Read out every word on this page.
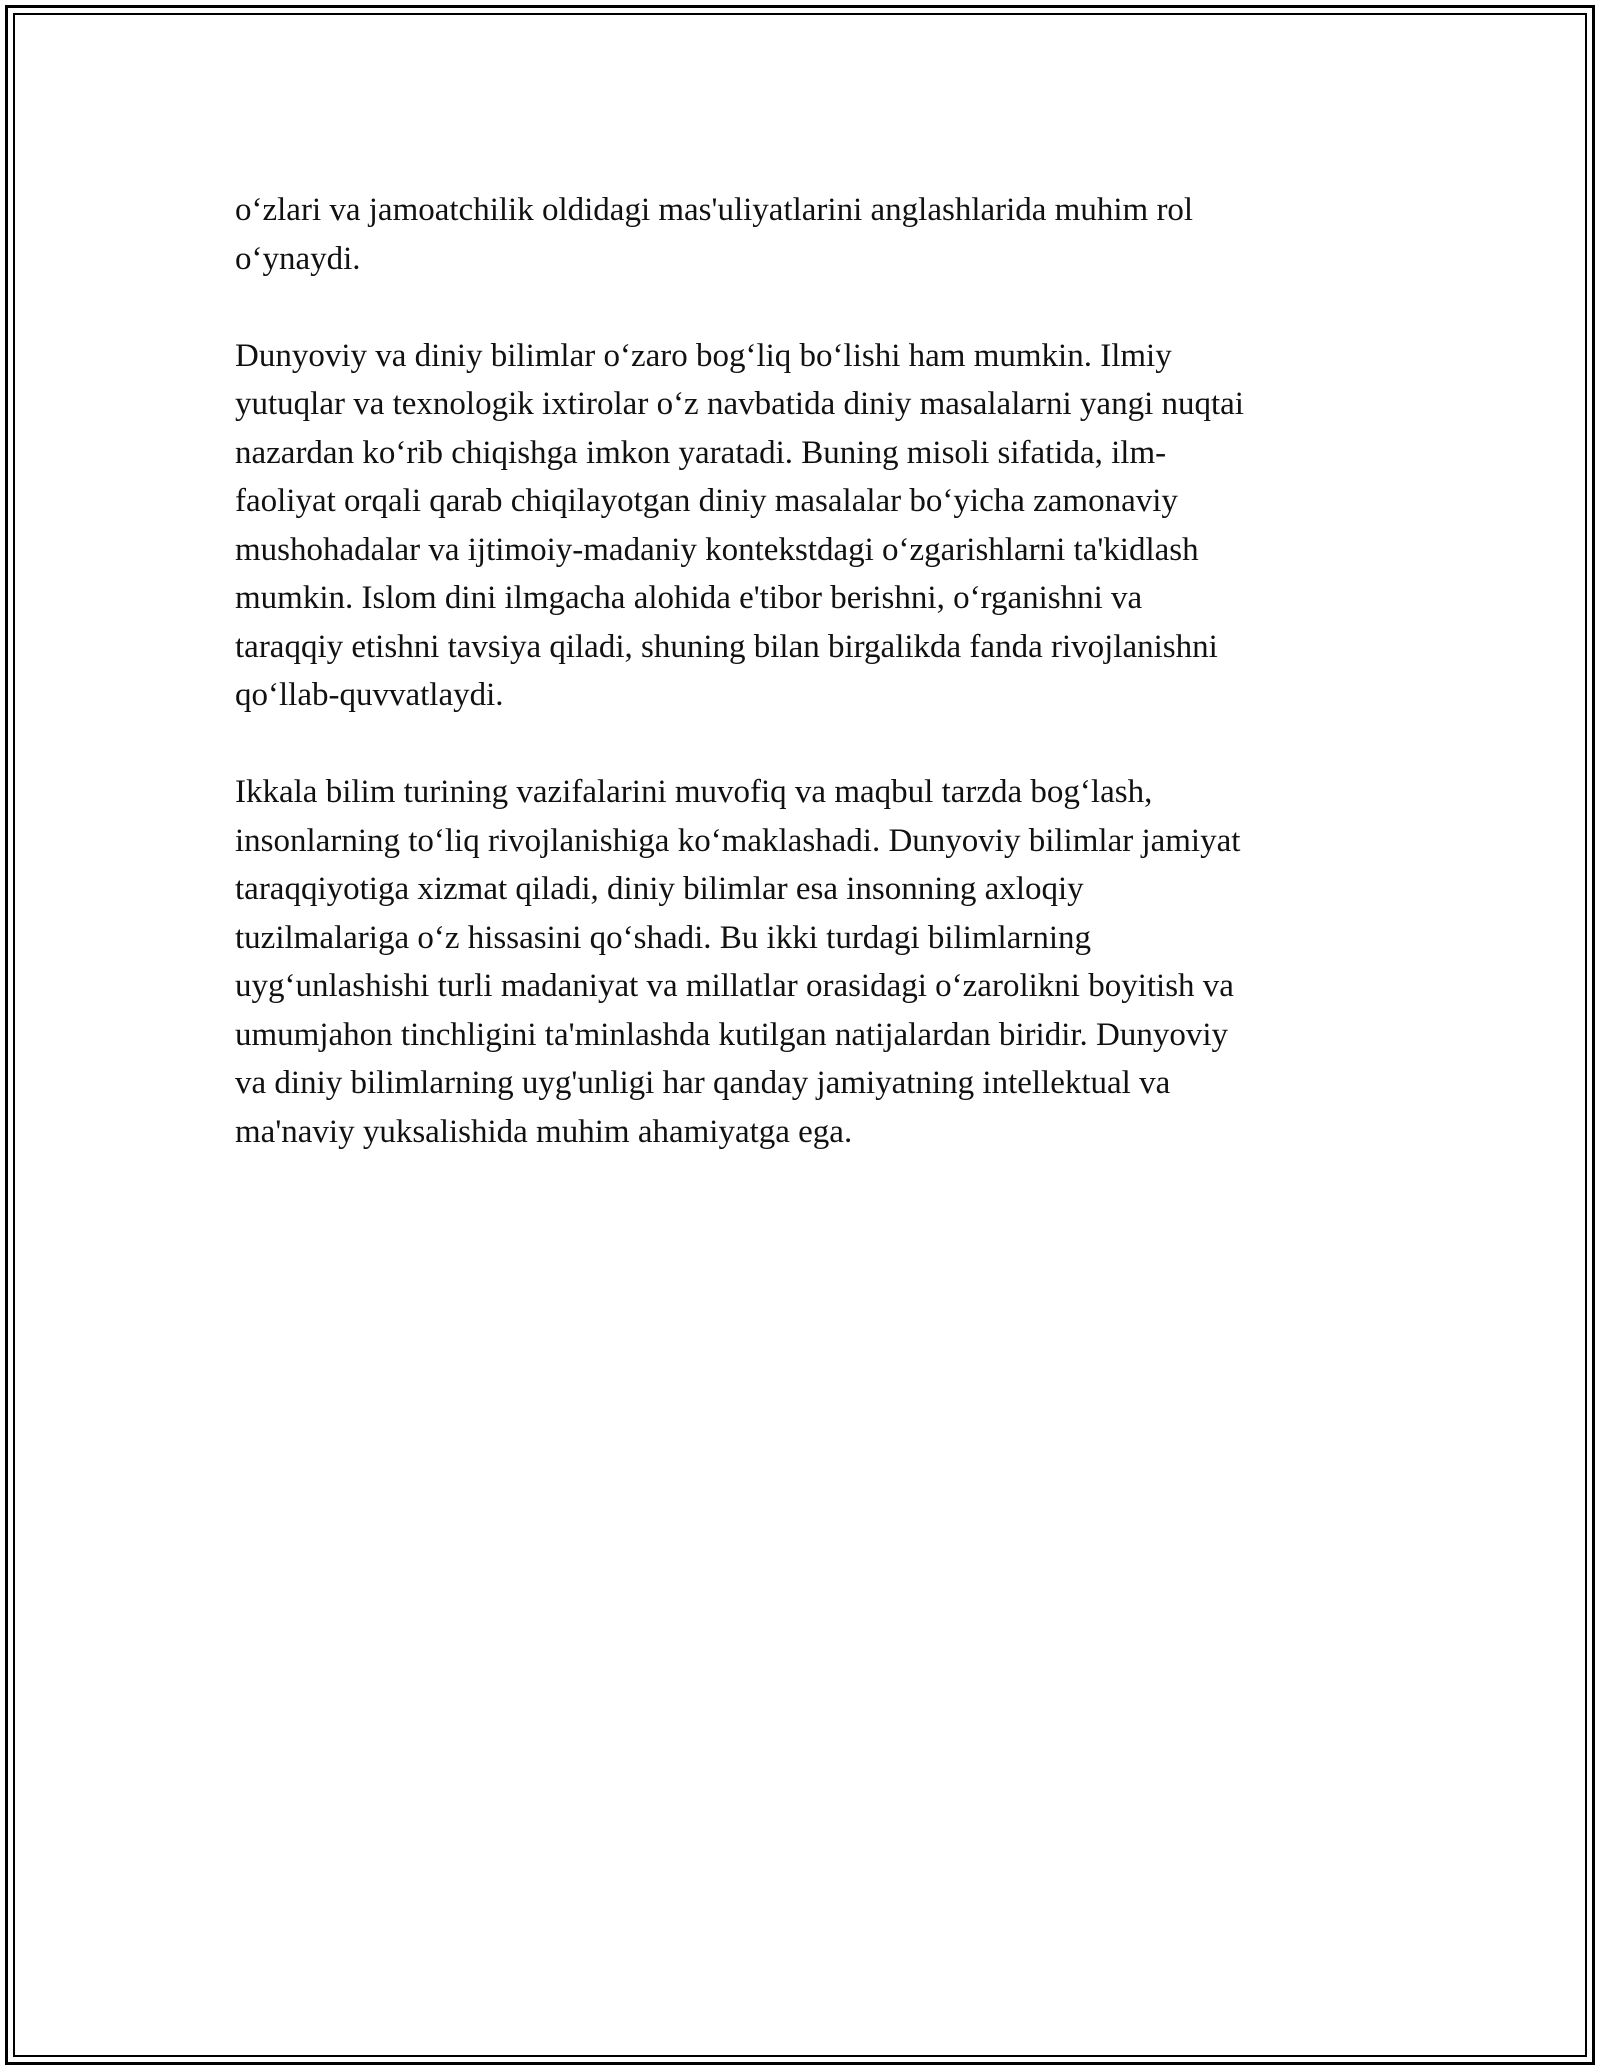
o‘zlari va jamoatchilik oldidagi mas'uliyatlarini anglashlarida muhim rol
o‘ynaydi.

Dunyoviy va diniy bilimlar o‘zaro bog‘liq bo‘lishi ham mumkin. Ilmiy
yutuqlar va texnologik ixtirolar o‘z navbatida diniy masalalarni yangi nuqtai
nazardan ko‘rib chiqishga imkon yaratadi. Buning misoli sifatida, ilm-
faoliyat orqali qarab chiqilayotgan diniy masalalar bo‘yicha zamonaviy
mushohadalar va ijtimoiy-madaniy kontekstdagi o‘zgarishlarni ta'kidlash
mumkin. Islom dini ilmgacha alohida e'tibor berishni, o‘rganishni va
taraqqiy etishni tavsiya qiladi, shuning bilan birgalikda fanda rivojlanishni
qo‘llab-quvvatlaydi.

Ikkala bilim turining vazifalarini muvofiq va maqbul tarzda bog‘lash,
insonlarning to‘liq rivojlanishiga ko‘maklashadi. Dunyoviy bilimlar jamiyat
taraqqiyotiga xizmat qiladi, diniy bilimlar esa insonning axloqiy
tuzilmalariga o‘z hissasini qo‘shadi. Bu ikki turdagi bilimlarning
uyg‘unlashishi turli madaniyat va millatlar orasidagi o‘zarolikni boyitish va
umumjahon tinchligini ta'minlashda kutilgan natijalardan biridir. Dunyoviy
va diniy bilimlarning uyg'unligi har qanday jamiyatning intellektual va
ma'naviy yuksalishida muhim ahamiyatga ega.
